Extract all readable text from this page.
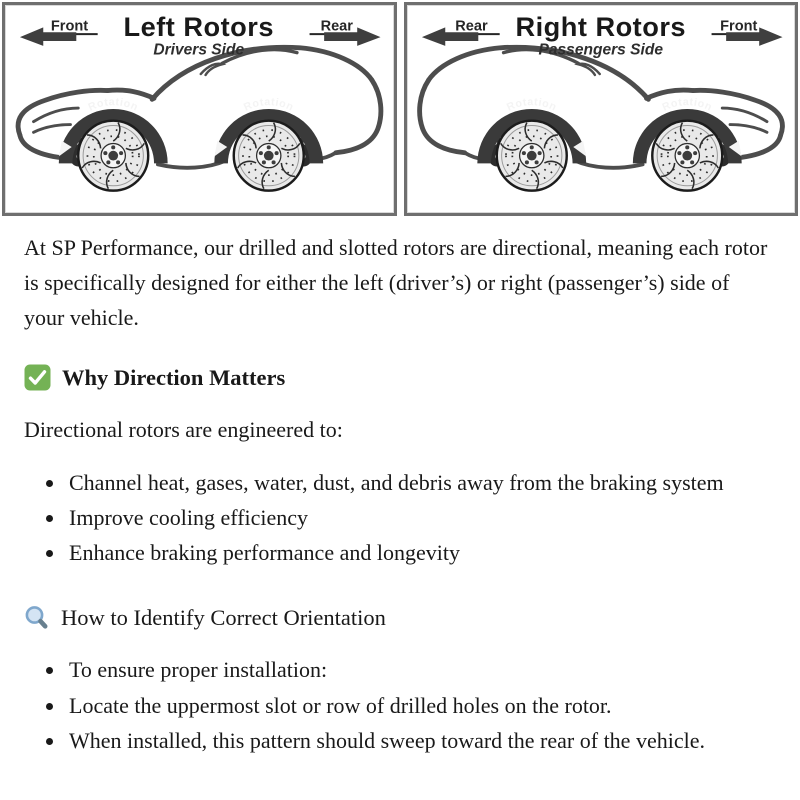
Front	Rear
Left Rotors
Drivers Side
Rotation	Rotation
Rear	Front
Right Rotors
Passengers Side
Rotation	Rotation

At SP Performance, our drilled and slotted rotors are directional, meaning each rotor is specifically designed for either the left (driver’s) or right (passenger’s) side of your vehicle.

Why Direction Matters

Directional rotors are engineered to:

• Channel heat, gases, water, dust, and debris away from the braking system
• Improve cooling efficiency
• Enhance braking performance and longevity
How to Identify Correct Orientation
• To ensure proper installation:
• Locate the uppermost slot or row of drilled holes on the rotor.
• When installed, this pattern should sweep toward the rear of the vehicle.
